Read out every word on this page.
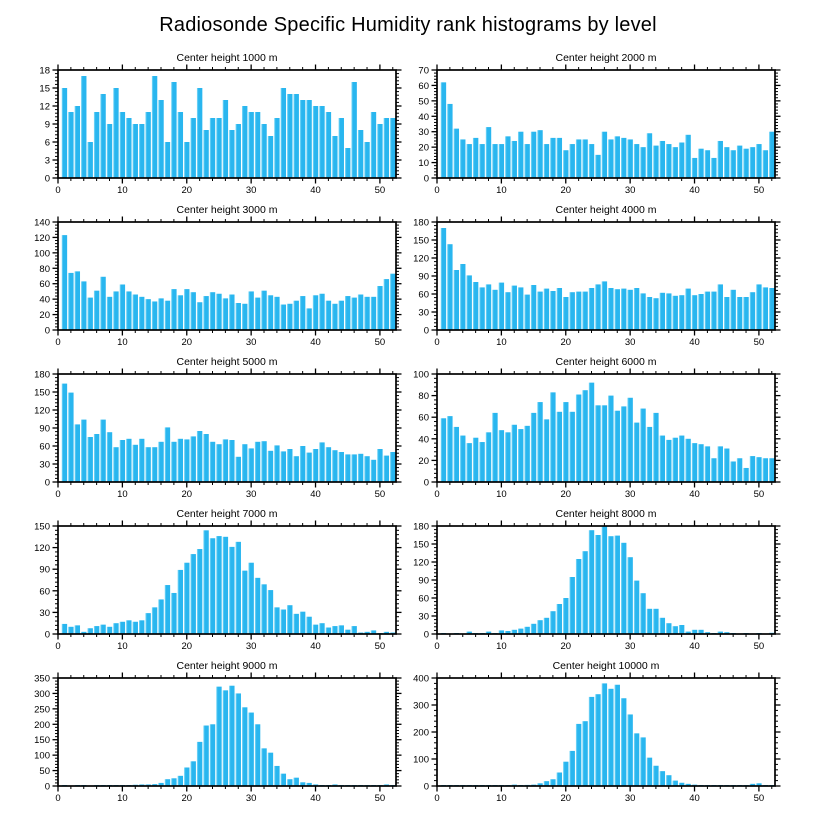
Radiosonde Specific Humidity rank histograms by level
Center height 1000 m
0	10	20	30	40	50
0
3
6
9
12
15
18
Center height 2000 m
0	10	20	30	40	50
0
10
20
30
40
50
60
70
Center height 3000 m
0	10	20	30	40	50
0
20
40
60
80
100
120
140
Center height 4000 m
0	10	20	30	40	50
0
30
60
90
120
150
180
Center height 5000 m
0	10	20	30	40	50
0
30
60
90
120
150
180
Center height 6000 m
0	10	20	30	40	50
0
20
40
60
80
100
Center height 7000 m
0	10	20	30	40	50
0
30
60
90
120
150
Center height 8000 m
0	10	20	30	40	50
0
30
60
90
120
150
180
Center height 9000 m
0	10	20	30	40	50
0
50
100
150
200
250
300
350
Center height 10000 m
0	10	20	30	40	50
0
100
200
300
400
